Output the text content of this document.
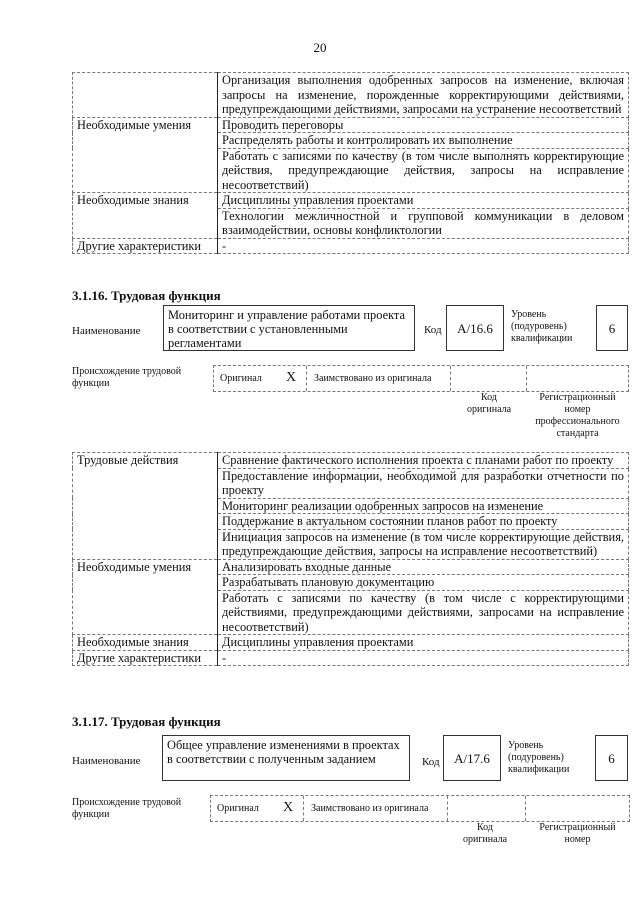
20
	Организация выполнения одобренных запросов на изменение, включая запросы на изменение, порожденные корректирующими действиями, предупреждающими действиями, запросами на устранение несоответствий
Необходимые умения	Проводить переговоры
	Распределять работы и контролировать их выполнение
	Работать с записями по качеству (в том числе выполнять корректирующие действия, предупреждающие действия, запросы на исправление несоответствий)
Необходимые знания	Дисциплины управления проектами
	Технологии межличностной и групповой коммуникации в деловом взаимодействии, основы конфликтологии
Другие характеристики	-
3.1.16. Трудовая функция
Наименование
Мониторинг и управление работами проекта в соответствии с установленными регламентами
Код	А/16.6
Уровень (подуровень) квалификации
6
Происхождение трудовой функции	Оригинал X Заимствовано из оригинала
Код оригинала
Регистрационный номер профессионального стандарта
Трудовые действия	Сравнение фактического исполнения проекта с планами работ по проекту
	Предоставление информации, необходимой для разработки отчетности по проекту
	Мониторинг реализации одобренных запросов на изменение
	Поддержание в актуальном состоянии планов работ по проекту
	Инициация запросов на изменение (в том числе корректирующие действия, предупреждающие действия, запросы на исправление несоответствий)
Необходимые умения	Анализировать входные данные
	Разрабатывать плановую документацию
	Работать с записями по качеству (в том числе с корректирующими действиями, предупреждающими действиями, запросами на исправление несоответствий)
Необходимые знания	Дисциплины управления проектами
Другие характеристики	-
3.1.17. Трудовая функция
Наименование
Общее управление изменениями в проектах в соответствии с полученным заданием	Код	А/17.6
Уровень (подуровень) квалификации
6
Происхождение трудовой функции
Оригинал X Заимствовано из оригинала
Код оригинала
Регистрационный номер
